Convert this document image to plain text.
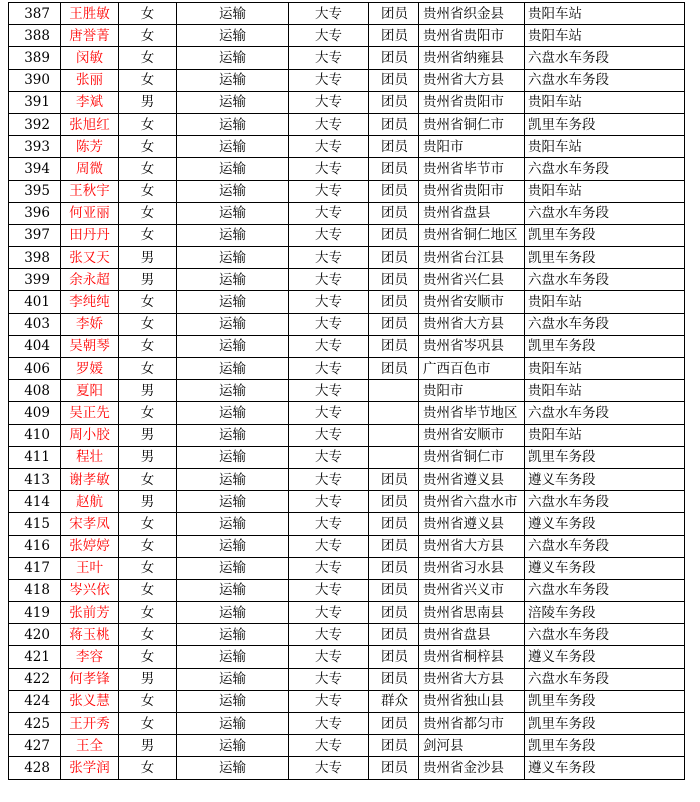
387	王胜敏	女	运输	大专	团员	贵州省织金县	贵阳车站
388	唐誉菁	女	运输	大专	团员	贵州省贵阳市	贵阳车站
389	闵敏	女	运输	大专	团员	贵州省纳雍县	六盘水车务段
390	张丽	女	运输	大专	团员	贵州省大方县	六盘水车务段
391	李斌	男	运输	大专	团员	贵州省贵阳市	贵阳车站
392	张旭红	女	运输	大专	团员	贵州省铜仁市	凯里车务段
393	陈芳	女	运输	大专	团员	贵阳市	贵阳车站
394	周微	女	运输	大专	团员	贵州省毕节市	六盘水车务段
395	王秋宇	女	运输	大专	团员	贵州省贵阳市	贵阳车站
396	何亚丽	女	运输	大专	团员	贵州省盘县	六盘水车务段
397	田丹丹	女	运输	大专	团员	贵州省铜仁地区	凯里车务段
398	张又天	男	运输	大专	团员	贵州省台江县	凯里车务段
399	余永超	男	运输	大专	团员	贵州省兴仁县	六盘水车务段
401	李纯纯	女	运输	大专	团员	贵州省安顺市	贵阳车站
403	李娇	女	运输	大专	团员	贵州省大方县	六盘水车务段
404	吴朝琴	女	运输	大专	团员	贵州省岑巩县	凯里车务段
406	罗媛	女	运输	大专	团员	广西百色市	贵阳车站
408	夏阳	男	运输	大专		贵阳市	贵阳车站
409	吴正先	女	运输	大专		贵州省毕节地区	六盘水车务段
410	周小胶	男	运输	大专		贵州省安顺市	贵阳车站
411	程壮	男	运输	大专		贵州省铜仁市	凯里车务段
413	谢孝敏	女	运输	大专	团员	贵州省遵义县	遵义车务段
414	赵航	男	运输	大专	团员	贵州省六盘水市	六盘水车务段
415	宋孝凤	女	运输	大专	团员	贵州省遵义县	遵义车务段
416	张婷婷	女	运输	大专	团员	贵州省大方县	六盘水车务段
417	王叶	女	运输	大专	团员	贵州省习水县	遵义车务段
418	岑兴依	女	运输	大专	团员	贵州省兴义市	六盘水车务段
419	张前芳	女	运输	大专	团员	贵州省思南县	涪陵车务段
420	蒋玉桃	女	运输	大专	团员	贵州省盘县	六盘水车务段
421	李容	女	运输	大专	团员	贵州省桐梓县	遵义车务段
422	何孝锋	男	运输	大专	团员	贵州省大方县	六盘水车务段
424	张义慧	女	运输	大专	群众	贵州省独山县	凯里车务段
425	王开秀	女	运输	大专	团员	贵州省都匀市	凯里车务段
427	王全	男	运输	大专	团员	剑河县	凯里车务段
428	张学润	女	运输	大专	团员	贵州省金沙县	遵义车务段
